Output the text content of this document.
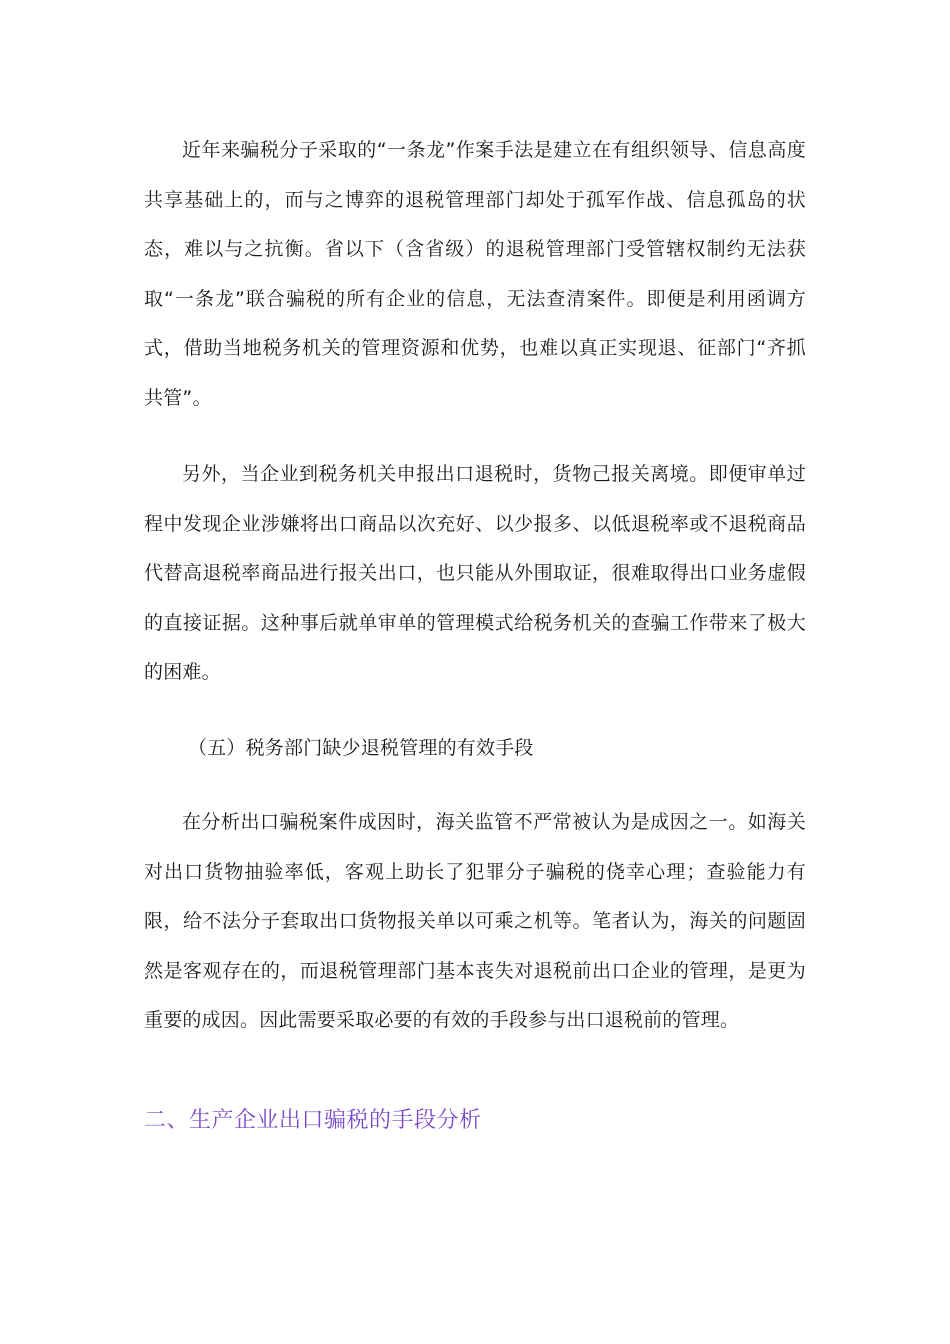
近年来骗税分子采取的“一条龙”作案手法是建立在有组织领导、信息高度共享基础上的，而与之博弈的退税管理部门却处于孤军作战、信息孤岛的状态，难以与之抗衡。省以下（含省级）的退税管理部门受管辖权制约无法获取“一条龙”联合骗税的所有企业的信息，无法查清案件。即便是利用函调方式，借助当地税务机关的管理资源和优势，也难以真正实现退、征部门“齐抓共管”。

另外，当企业到税务机关申报出口退税时，货物己报关离境。即便审单过程中发现企业涉嫌将出口商品以次充好、以少报多、以低退税率或不退税商品代替高退税率商品进行报关出口，也只能从外围取证，很难取得出口业务虚假的直接证据。这种事后就单审单的管理模式给税务机关的查骗工作带来了极大的困难。

（五）税务部门缺少退税管理的有效手段

在分析出口骗税案件成因时，海关监管不严常被认为是成因之一。如海关对出口货物抽验率低，客观上助长了犯罪分子骗税的侥幸心理；查验能力有限，给不法分子套取出口货物报关单以可乘之机等。笔者认为，海关的问题固然是客观存在的，而退税管理部门基本丧失对退税前出口企业的管理，是更为重要的成因。因此需要采取必要的有效的手段参与出口退税前的管理。

二、生产企业出口骗税的手段分析
